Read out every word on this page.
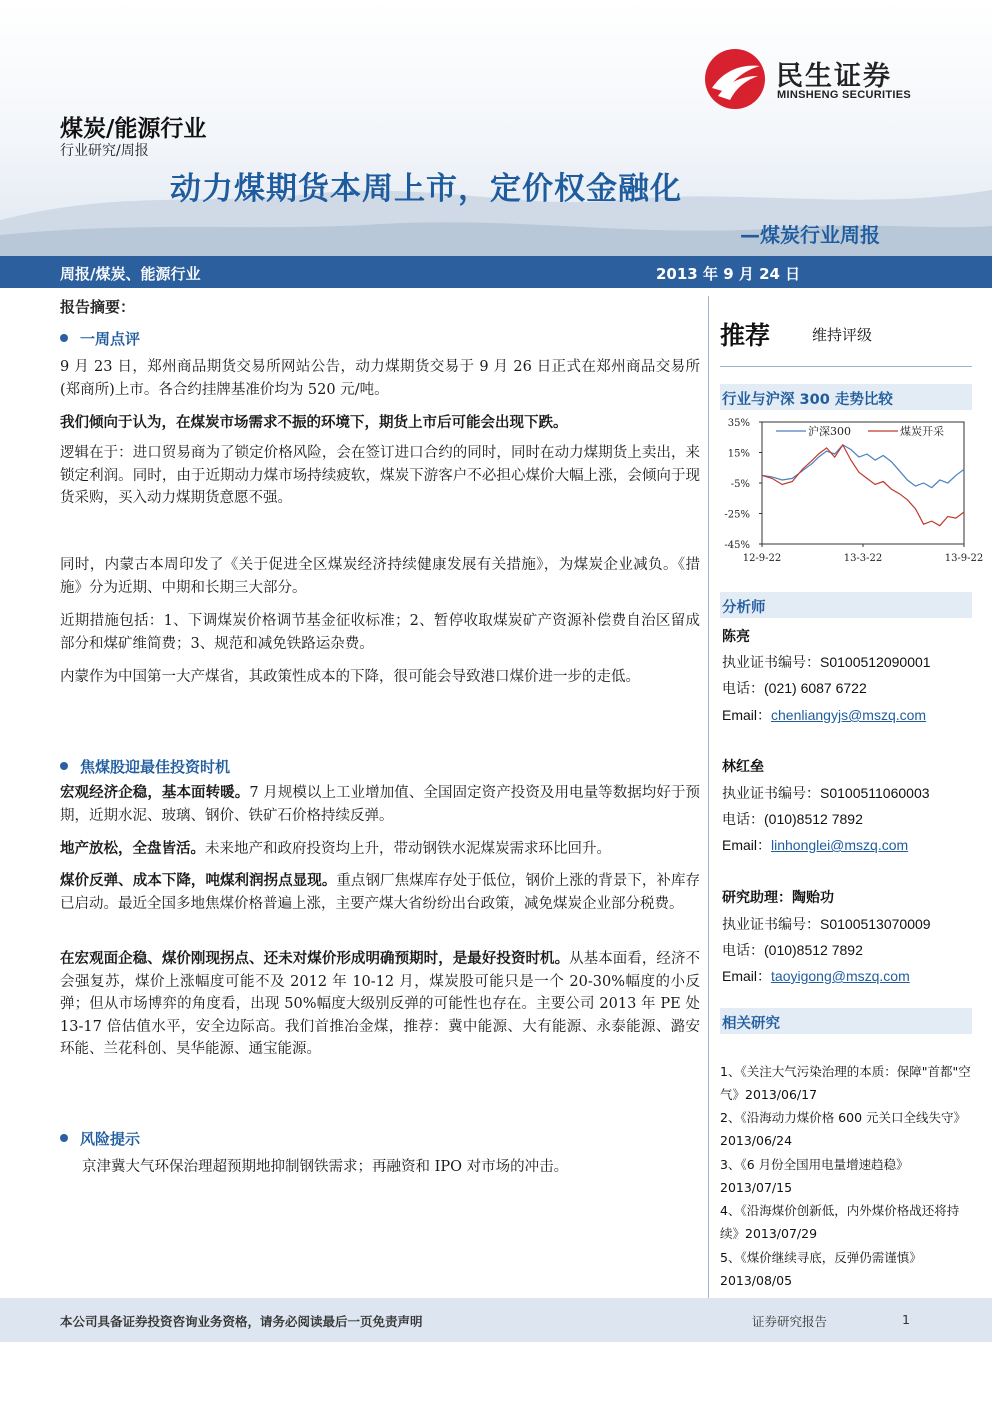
民生证券
MINSHENG SECURITIES
煤炭/能源行业
行业研究/周报
动力煤期货本周上市，定价权金融化
—煤炭行业周报
周报/煤炭、能源行业	2013 年 9 月 24 日
报告摘要：
一周点评
9 月 23 日，郑州商品期货交易所网站公告，动力煤期货交易于 9 月 26 日正式在郑州商品交易所(郑商所)上市。各合约挂牌基准价均为 520 元/吨。
我们倾向于认为，在煤炭市场需求不振的环境下，期货上市后可能会出现下跌。
逻辑在于：进口贸易商为了锁定价格风险，会在签订进口合约的同时，同时在动力煤期货上卖出，来锁定利润。同时，由于近期动力煤市场持续疲软，煤炭下游客户不必担心煤价大幅上涨，会倾向于现货采购，买入动力煤期货意愿不强。
同时，内蒙古本周印发了《关于促进全区煤炭经济持续健康发展有关措施》，为煤炭企业减负。《措施》分为近期、中期和长期三大部分。
近期措施包括：1、下调煤炭价格调节基金征收标准；2、暂停收取煤炭矿产资源补偿费自治区留成部分和煤矿维简费；3、规范和减免铁路运杂费。
内蒙作为中国第一大产煤省，其政策性成本的下降，很可能会导致港口煤价进一步的走低。
焦煤股迎最佳投资时机
宏观经济企稳，基本面转暖。7 月规模以上工业增加值、全国固定资产投资及用电量等数据均好于预期，近期水泥、玻璃、钢价、铁矿石价格持续反弹。
地产放松，全盘皆活。未来地产和政府投资均上升，带动钢铁水泥煤炭需求环比回升。
煤价反弹、成本下降，吨煤利润拐点显现。重点钢厂焦煤库存处于低位，钢价上涨的背景下，补库存已启动。最近全国多地焦煤价格普遍上涨，主要产煤大省纷纷出台政策，减免煤炭企业部分税费。
在宏观面企稳、煤价刚现拐点、还未对煤价形成明确预期时，是最好投资时机。从基本面看，经济不会强复苏，煤价上涨幅度可能不及 2012 年 10-12 月，煤炭股可能只是一个 20-30%幅度的小反弹；但从市场博弈的角度看，出现 50%幅度大级别反弹的可能性也存在。主要公司 2013 年 PE 处 13-17 倍估值水平，安全边际高。我们首推冶金煤，推荐：冀中能源、大有能源、永泰能源、潞安环能、兰花科创、昊华能源、通宝能源。
风险提示
京津冀大气环保治理超预期地抑制钢铁需求；再融资和 IPO 对市场的冲击。
推荐	维持评级
行业与沪深 300 走势比较
35%
15%
-5%
-25%
-45%
12-9-22	13-3-22	13-9-22
沪深300	煤炭开采
分析师
陈亮
执业证书编号：S0100512090001
电话：(021) 6087 6722
Email：chenliangyjs@mszq.com
林红垒
执业证书编号：S0100511060003
电话：(010)8512 7892
Email：linhonglei@mszq.com
研究助理：陶贻功
执业证书编号：S0100513070009
电话：(010)8512 7892
Email：taoyigong@mszq.com
相关研究
1、《关注大气污染治理的本质：保障"首都"空气》2013/06/17
2、《沿海动力煤价格 600 元关口全线失守》2013/06/24
3、《6 月份全国用电量增速趋稳》2013/07/15
4、《沿海煤价创新低，内外煤价格战还将持续》2013/07/29
5、《煤价继续寻底，反弹仍需谨慎》2013/08/05
本公司具备证券投资咨询业务资格，请务必阅读最后一页免责声明	证券研究报告	1
